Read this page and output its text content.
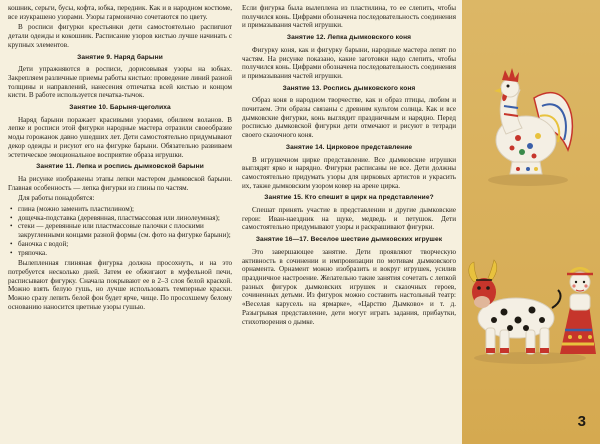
кошник, серьги, бусы, кофта, юбка, передник. Как и в народном костюме, все изукрашено узорами. Узоры гармонично сочетаются по цвету.

В росписи фигурки крестьянки дети самостоятельно распиruют детали одежды и кокошник. Расписание узоров кистью лучше начинать с крупных элементов.

Занятие 9. Наряд барыни

Дети упражняются в росписи, дорисовывая узоры на юбках. Закрепляем различные приемы работы кистью: проведение линий разной толщины и направлений, нанесения отпечатка всей кистью и концом кисти. В работе используется печатка-тычок.

Занятие 10. Барыня-щеголиха

Наряд барыни поражает красивыми узорами, обилием воланов. В лепке и росписи этой фигурки народные мастера отразили своеобразие моды горожанок давно ушедших лет. Дети самостоятельно придумывают декор одежды и рисуют его на фигурке барыни. Обязательно развиваем эстетическое эмоциональное восприятие образа игрушки.

Занятие 11. Лепка и роспись дымковской барыни

На рисунке изображены этапы лепки мастером дымковской барыни. Главная особенность — лепка фигурки из глины по частям.

Для работы понадобятся:

• глина (можно заменить пластилином);
• дощечка-подставка (деревянная, пластмассовая или линолеумная);
• стеки — деревянные или пластмассовые палочки с плоскими закругленными концами разной формы (см. фото на фигурке барыни);
• баночка с водой;
• тряпочка.

Вылепленная глиняная фигурка должна просохнуть, и на это потребуется несколько дней. Затем ее обжигают в муфельной печи, расписывают фигурку. Сначала покрывают ее в 2–3 слоя белой краской. Можно взять белую гушь, но лучше использовать темперные краски. Можно сразу лепить белой фон будет ярче, чище. По просохшему белому основанию наносится цветные узоры гушью.

Если фигурка была вылеплена из пластилина, то ее слепить, чтобы получился конь. Цифрами обозначена последовательность соединения и примазывания частей игрушки.

Занятие 12. Лепка дымковского коня

Фигурку коня, как и фигурку барыни, народные мастера лепят по частям. На рисунке показано, какие заготовки надо слепить, чтобы получился конь. Цифрами обозначена последовательность соединения и примазывания частей игрушки.

Занятие 13. Роспись дымковского коня

Образ коня в народном творчестве, как и образ птицы, любим и почитаем. Эти образы связаны с древним культом солнца. Как и все дымковские фигурки, конь выглядит праздничным и нарядно. Перед росписью дымковской фигурки дети отмечают и рисуют в тетради своего сказочного коня.

Занятие 14. Цирковое представление

В игрушечном цирке представление. Все дымковские игрушки выглядят ярко и нарядно. Фигурки расписаны не все. Дети должны самостоятельно придумать узоры для цирковых артистов и украсить их, также дымковским узором ковер на арене цирка.

Занятие 15. Кто спешит в цирк на представление?

Спешат принять участие в представлении и другие дымковские герои: Иван-наездник на щуке, медведь и петушок. Дети самостоятельно придумывают узоры и раскрашивают фигурки.

Занятие 16—17. Веселое шествие дымковских игрушек

Это завершающее занятие. Дети проявляют творческую активность в сочинении и импровизации по мотивам дымковского орнамента. Орнамент можно изобразить и вокруг игрушек, усилив праздничное настроение. Желательно такие занятия сочетать с лепкой разных фигурок дымковских игрушек и сказочных героев, сочиненных детьми. Из фигурок можно составить настольный театр: «Веселая карусель на ярмарке», «Царство Дымково» и т. д. Разыгрывая представление, дети могут играть задания, прибаутки, стихотворения о дымке.

3
